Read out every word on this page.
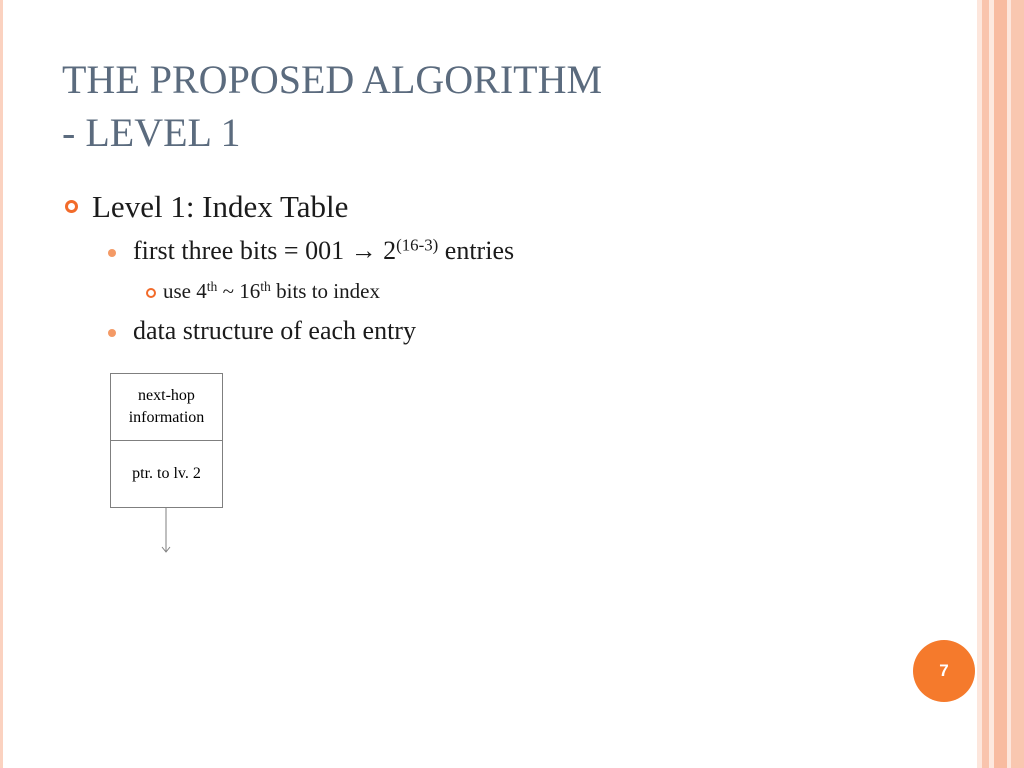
THE PROPOSED ALGORITHM
- LEVEL 1
Level 1: Index Table
first three bits = $001 \to 2^{(16-3)}$ entries
use 4th ~ 16th bits to index
data structure of each entry
next-hop
information
ptr. to lv. 2
7
